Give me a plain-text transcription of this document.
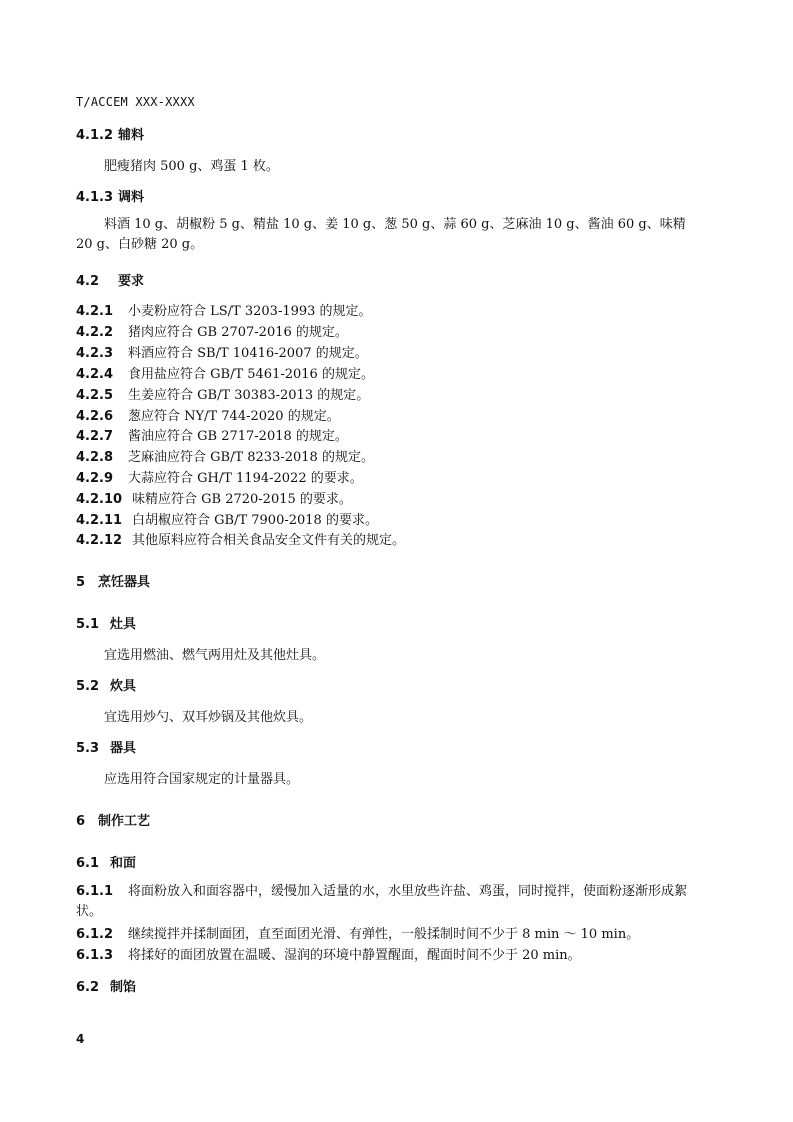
T/ACCEM XXX-XXXX
4.1.2 辅料
肥瘦猪肉 500 g、鸡蛋 1 枚。
4.1.3 调料
料酒 10 g、胡椒粉 5 g、精盐 10 g、姜 10 g、葱 50 g、蒜 60 g、芝麻油 10 g、酱油 60 g、味精 20 g、白砂糖 20 g。
4.2 要求
4.2.1 小麦粉应符合 LS/T 3203-1993 的规定。
4.2.2 猪肉应符合 GB 2707-2016 的规定。
4.2.3 料酒应符合 SB/T 10416-2007 的规定。
4.2.4 食用盐应符合 GB/T 5461-2016 的规定。
4.2.5 生姜应符合 GB/T 30383-2013 的规定。
4.2.6 葱应符合 NY/T 744-2020 的规定。
4.2.7 酱油应符合 GB 2717-2018 的规定。
4.2.8 芝麻油应符合 GB/T 8233-2018 的规定。
4.2.9 大蒜应符合 GH/T 1194-2022 的要求。
4.2.10 味精应符合 GB 2720-2015 的要求。
4.2.11 白胡椒应符合 GB/T 7900-2018 的要求。
4.2.12 其他原料应符合相关食品安全文件有关的规定。
5 烹饪器具
5.1 灶具
宜选用燃油、燃气两用灶及其他灶具。
5.2 炊具
宜选用炒勺、双耳炒锅及其他炊具。
5.3 器具
应选用符合国家规定的计量器具。
6 制作工艺
6.1 和面
6.1.1 将面粉放入和面容器中，缓慢加入适量的水，水里放些许盐、鸡蛋，同时搅拌，使面粉逐渐形成絮状。
6.1.2 继续搅拌并揉制面团，直至面团光滑、有弹性，一般揉制时间不少于 8 min ～ 10 min。
6.1.3 将揉好的面团放置在温暖、湿润的环境中静置醒面，醒面时间不少于 20 min。
6.2 制馅
4
